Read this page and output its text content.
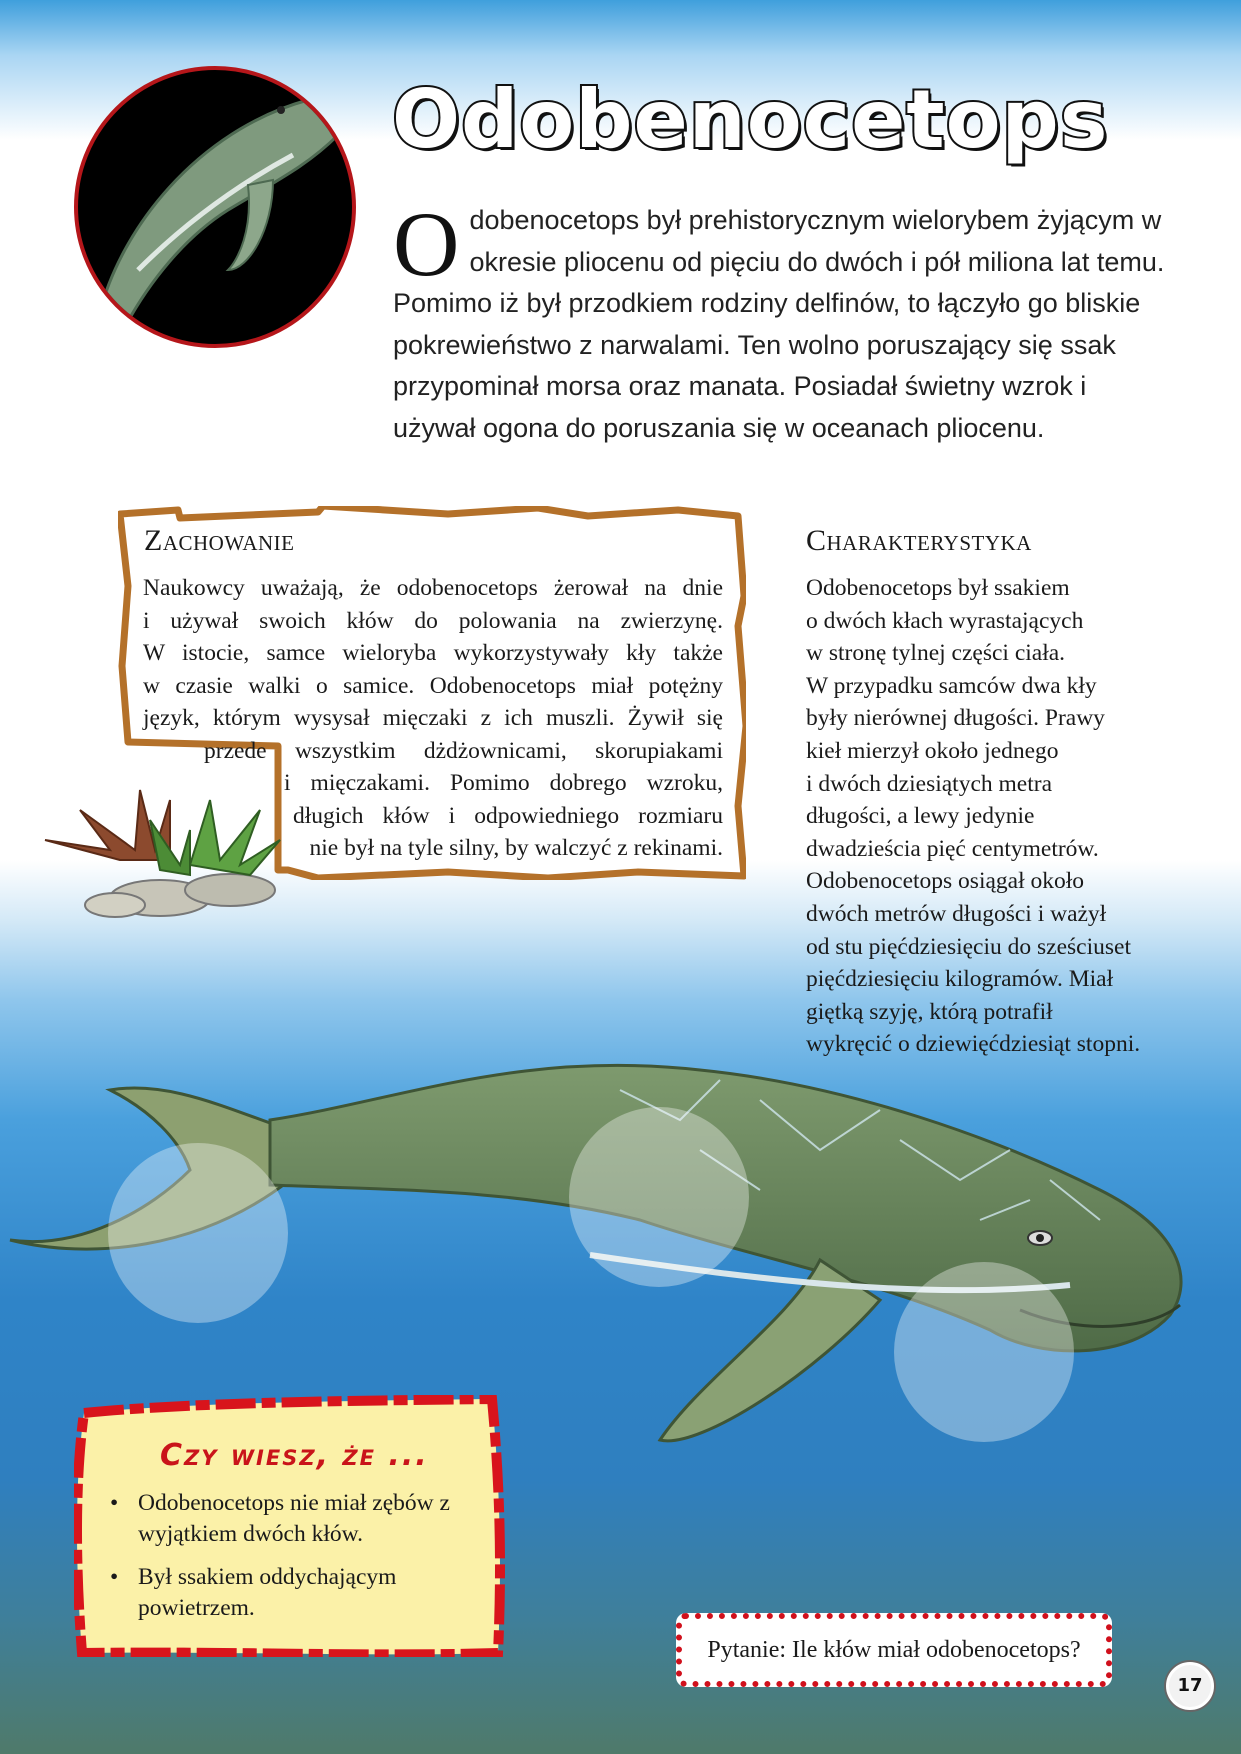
Odobenocetops
O dobenocetops był prehistorycznym wielorybem żyjącym w okresie pliocenu od pięciu do dwóch i pół miliona lat temu. Pomimo iż był przodkiem rodziny delfinów, to łączyło go bliskie pokrewieństwo z narwalami. Ten wolno poruszający się ssak przypominał morsa oraz manata. Posiadał świetny wzrok i używał ogona do poruszania się w oceanach pliocenu.
Zachowanie
Naukowcy uważają, że odobenocetops żerował na dnie
i używał swoich kłów do polowania na zwierzynę.
W istocie, samce wieloryba wykorzystywały kły także
w czasie walki o samice. Odobenocetops miał potężny
język, którym wysysał mięczaki z ich muszli. Żywił się
przede wszystkim dżdżownicami, skorupiakami
i mięczakami. Pomimo dobrego wzroku,
długich kłów i odpowiedniego rozmiaru
nie był na tyle silny, by walczyć z rekinami.
Charakterystyka
Odobenocetops był ssakiem
o dwóch kłach wyrastających
w stronę tylnej części ciała.
W przypadku samców dwa kły
były nierównej długości. Prawy
kieł mierzył około jednego
i dwóch dziesiątych metra
długości, a lewy jedynie
dwadzieścia pięć centymetrów.
Odobenocetops osiągał około
dwóch metrów długości i ważył
od stu pięćdziesięciu do sześciuset
pięćdziesięciu kilogramów. Miał
giętką szyję, którą potrafił
wykręcić o dziewięćdziesiąt stopni.
Czy wiesz, że ...
• Odobenocetops nie miał zębów z wyjątkiem dwóch kłów.
• Był ssakiem oddychającym powietrzem.
Pytanie: Ile kłów miał odobenocetops?
17
